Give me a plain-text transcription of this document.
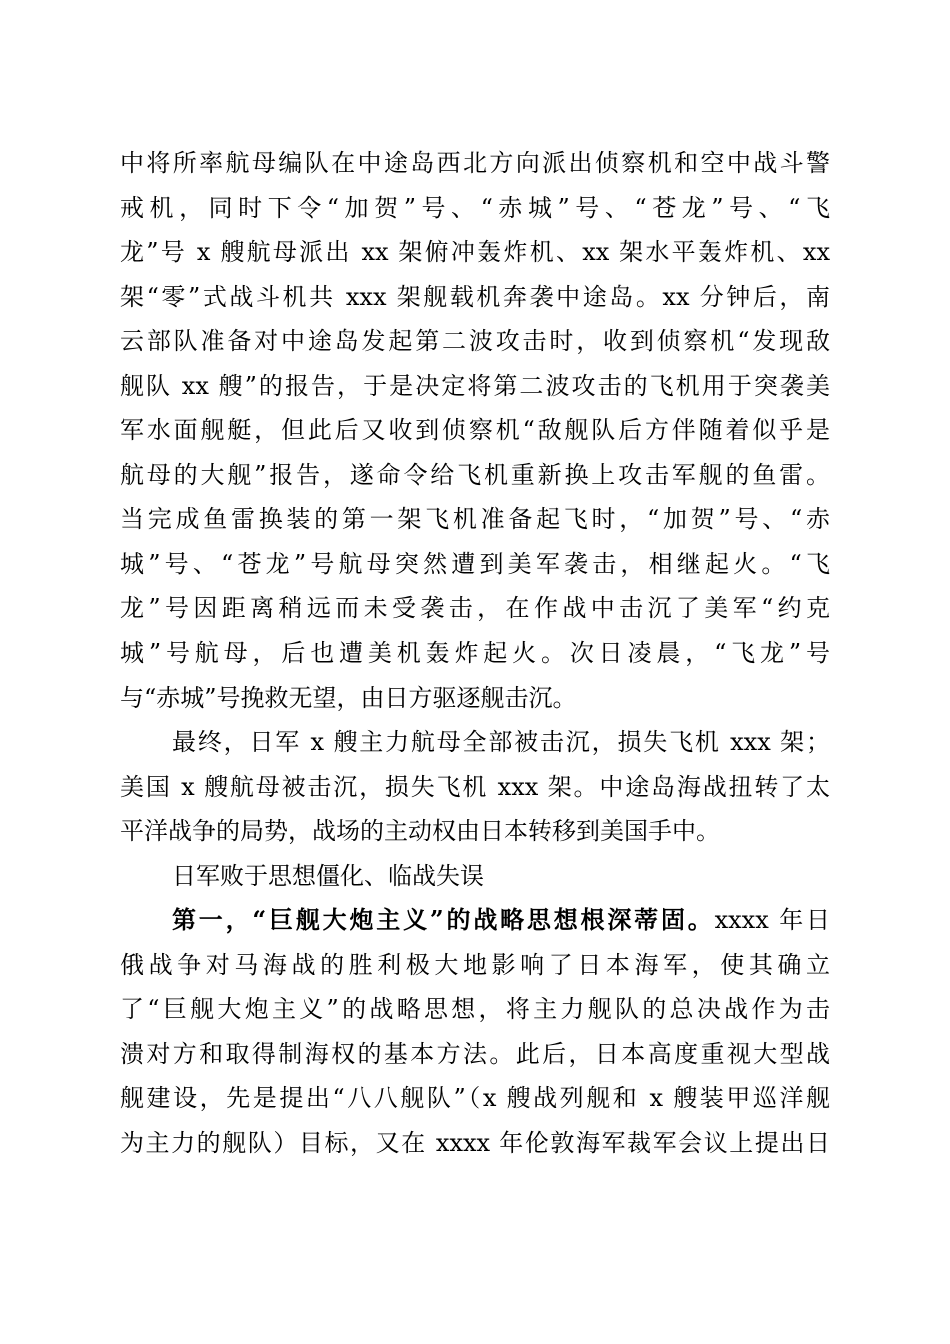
中将所率航母编队在中途岛西北方向派出侦察机和空中战斗警
戒机，同时下令“加贺”号、“赤城”号、“苍龙”号、“飞
龙”号 x 艘航母派出 xx 架俯冲轰炸机、xx 架水平轰炸机、xx
架“零”式战斗机共 xxx 架舰载机奔袭中途岛。xx 分钟后，南
云部队准备对中途岛发起第二波攻击时，收到侦察机“发现敌
舰队 xx 艘”的报告，于是决定将第二波攻击的飞机用于突袭美
军水面舰艇，但此后又收到侦察机“敌舰队后方伴随着似乎是
航母的大舰”报告，遂命令给飞机重新换上攻击军舰的鱼雷。
当完成鱼雷换装的第一架飞机准备起飞时，“加贺”号、“赤
城”号、“苍龙”号航母突然遭到美军袭击，相继起火。“飞
龙”号因距离稍远而未受袭击，在作战中击沉了美军“约克
城”号航母，后也遭美机轰炸起火。次日凌晨，“飞龙”号
与“赤城”号挽救无望，由日方驱逐舰击沉。
最终，日军 x 艘主力航母全部被击沉，损失飞机 xxx 架；
美国 x 艘航母被击沉，损失飞机 xxx 架。中途岛海战扭转了太
平洋战争的局势，战场的主动权由日本转移到美国手中。
日军败于思想僵化、临战失误
第一，“巨舰大炮主义”的战略思想根深蒂固。xxxx 年日
俄战争对马海战的胜利极大地影响了日本海军，使其确立
了“巨舰大炮主义”的战略思想，将主力舰队的总决战作为击
溃对方和取得制海权的基本方法。此后，日本高度重视大型战
舰建设，先是提出“八八舰队”（x 艘战列舰和 x 艘装甲巡洋舰
为主力的舰队）目标，又在 xxxx 年伦敦海军裁军会议上提出日
